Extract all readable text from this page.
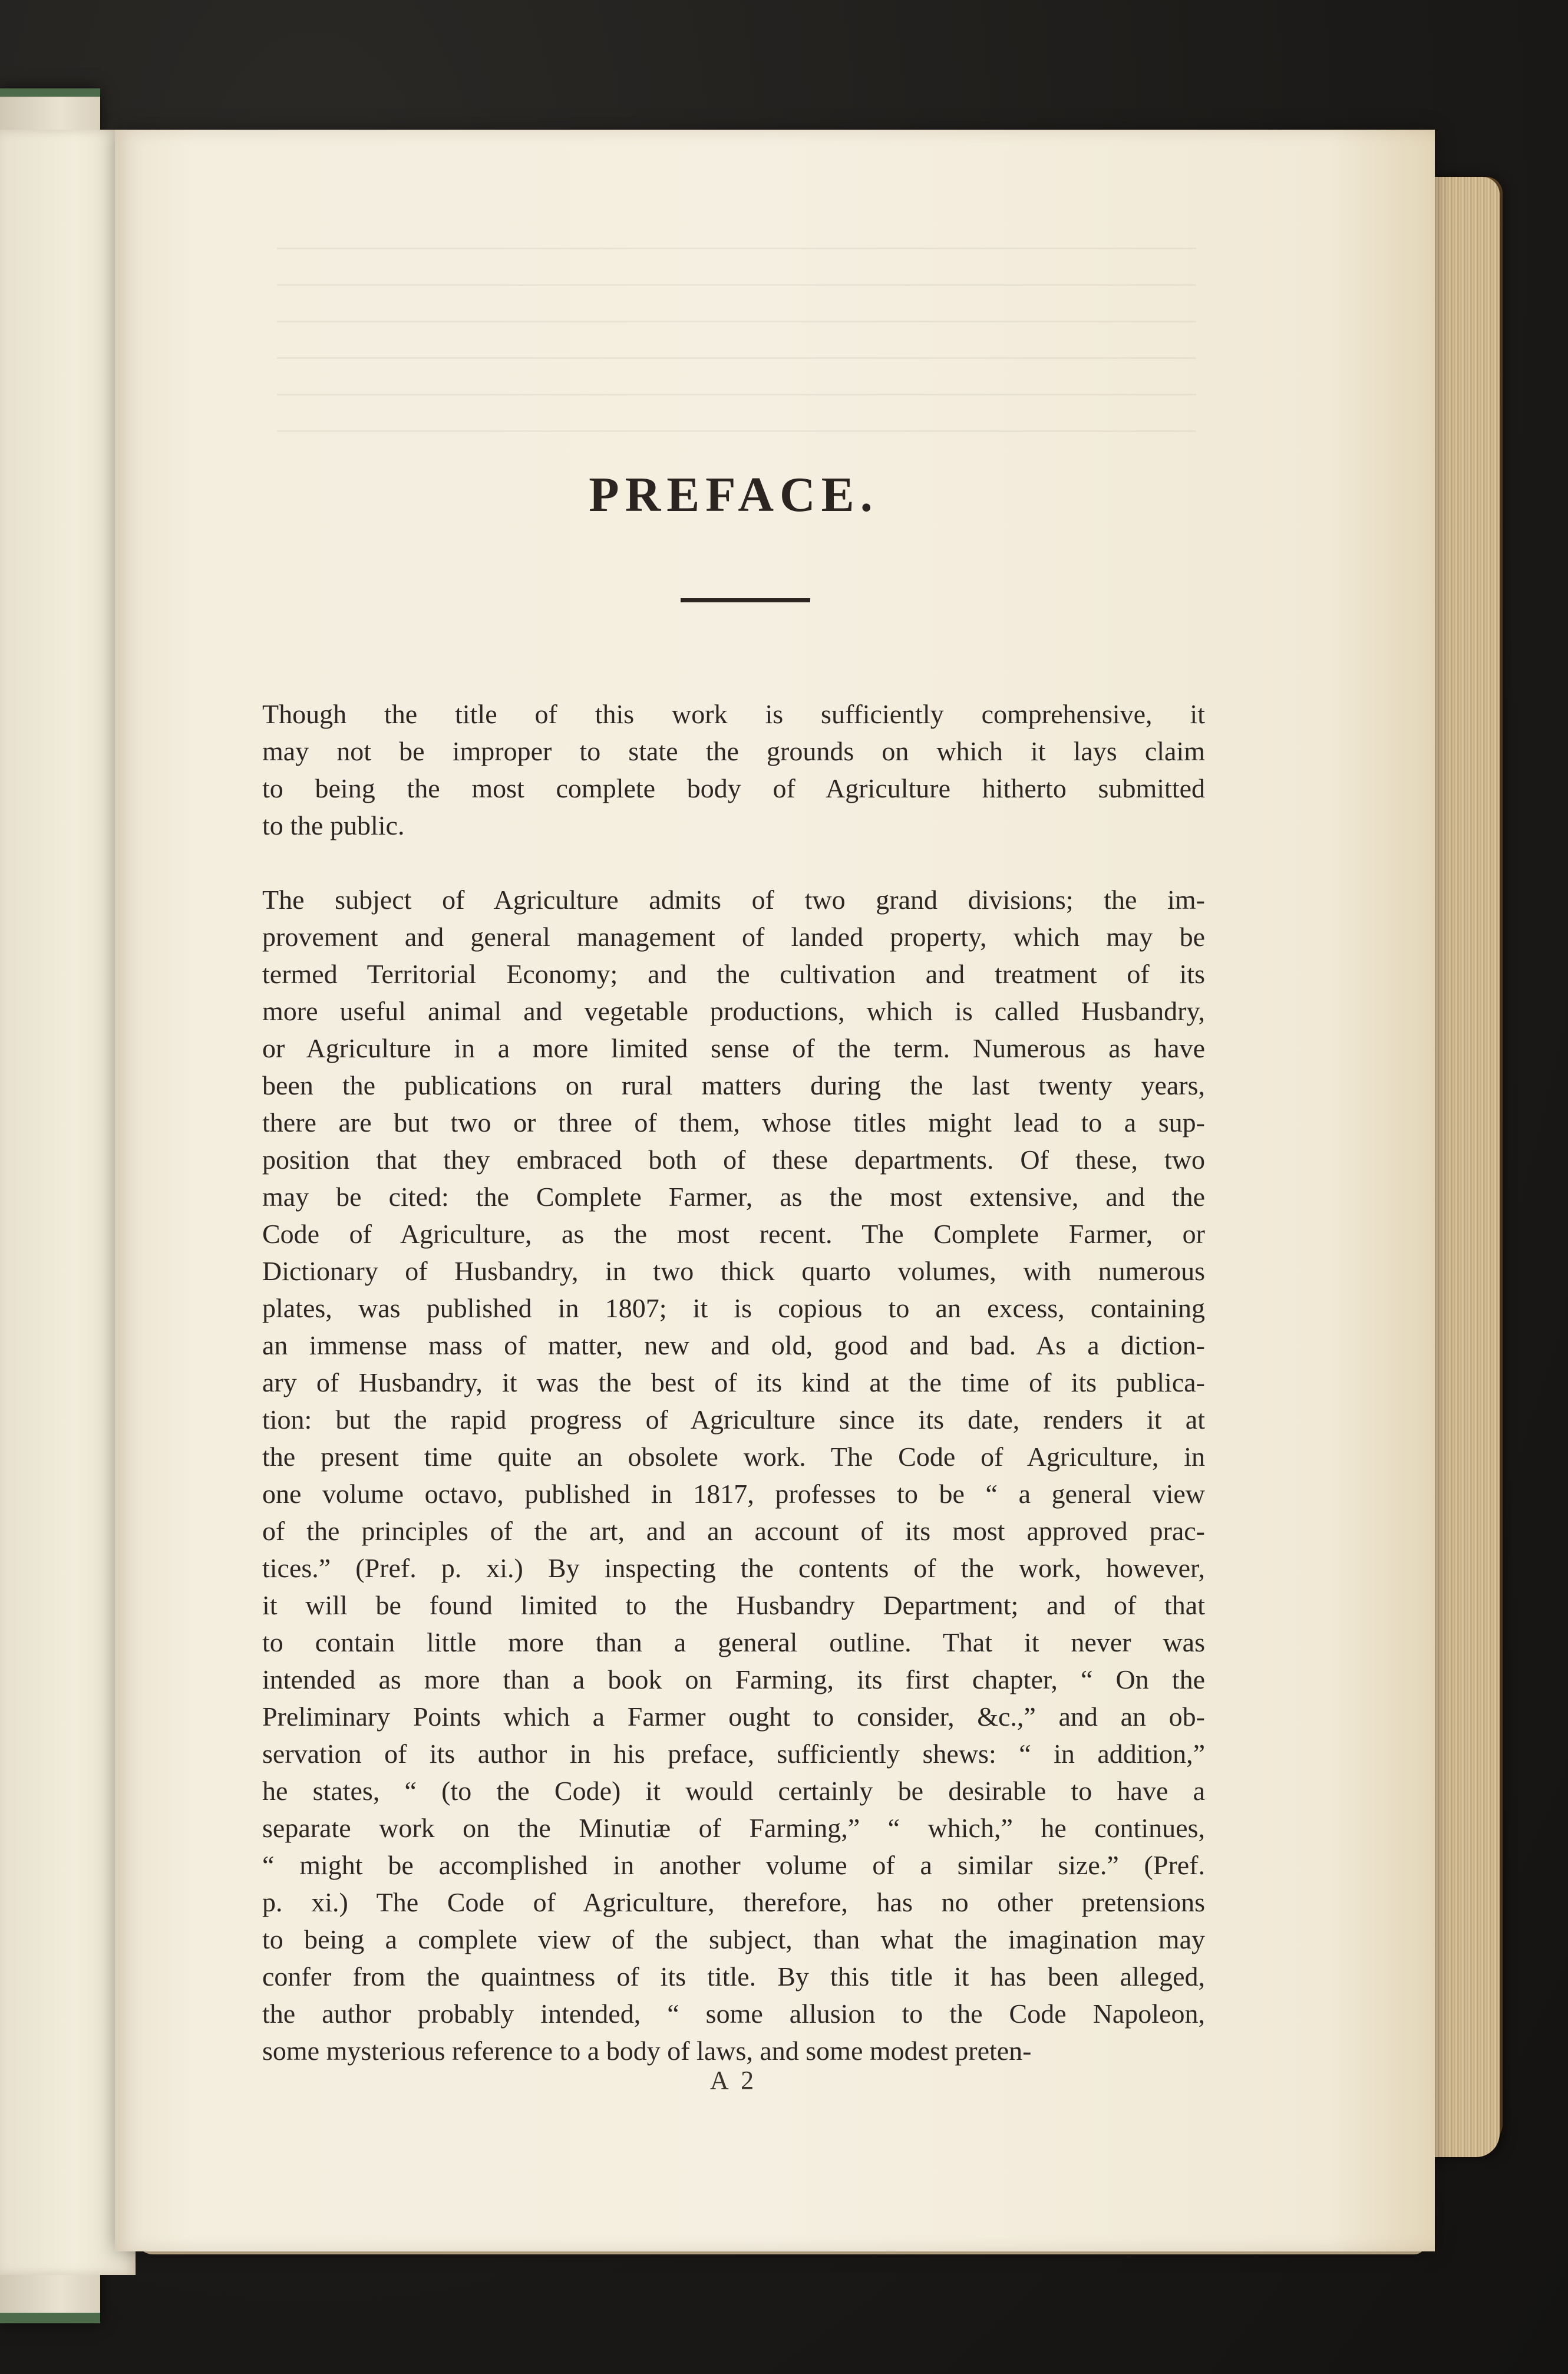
PREFACE.
Though the title of this work is sufficiently comprehensive, it
may not be improper to state the grounds on which it lays claim
to being the most complete body of Agriculture hitherto submitted
to the public.
The subject of Agriculture admits of two grand divisions; the im-
provement and general management of landed property, which may be
termed Territorial Economy; and the cultivation and treatment of its
more useful animal and vegetable productions, which is called Husbandry,
or Agriculture in a more limited sense of the term. Numerous as have
been the publications on rural matters during the last twenty years,
there are but two or three of them, whose titles might lead to a sup-
position that they embraced both of these departments. Of these, two
may be cited: the Complete Farmer, as the most extensive, and the
Code of Agriculture, as the most recent. The Complete Farmer, or
Dictionary of Husbandry, in two thick quarto volumes, with numerous
plates, was published in 1807; it is copious to an excess, containing
an immense mass of matter, new and old, good and bad. As a diction-
ary of Husbandry, it was the best of its kind at the time of its publica-
tion: but the rapid progress of Agriculture since its date, renders it at
the present time quite an obsolete work. The Code of Agriculture, in
one volume octavo, published in 1817, professes to be “ a general view
of the principles of the art, and an account of its most approved prac-
tices.” (Pref. p. xi.) By inspecting the contents of the work, however,
it will be found limited to the Husbandry Department; and of that
to contain little more than a general outline. That it never was
intended as more than a book on Farming, its first chapter, “ On the
Preliminary Points which a Farmer ought to consider, &c.,” and an ob-
servation of its author in his preface, sufficiently shews: “ in addition,”
he states, “ (to the Code) it would certainly be desirable to have a
separate work on the Minutiæ of Farming,” “ which,” he continues,
“ might be accomplished in another volume of a similar size.” (Pref.
p. xi.) The Code of Agriculture, therefore, has no other pretensions
to being a complete view of the subject, than what the imagination may
confer from the quaintness of its title. By this title it has been alleged,
the author probably intended, “ some allusion to the Code Napoleon,
some mysterious reference to a body of laws, and some modest preten-
A 2
